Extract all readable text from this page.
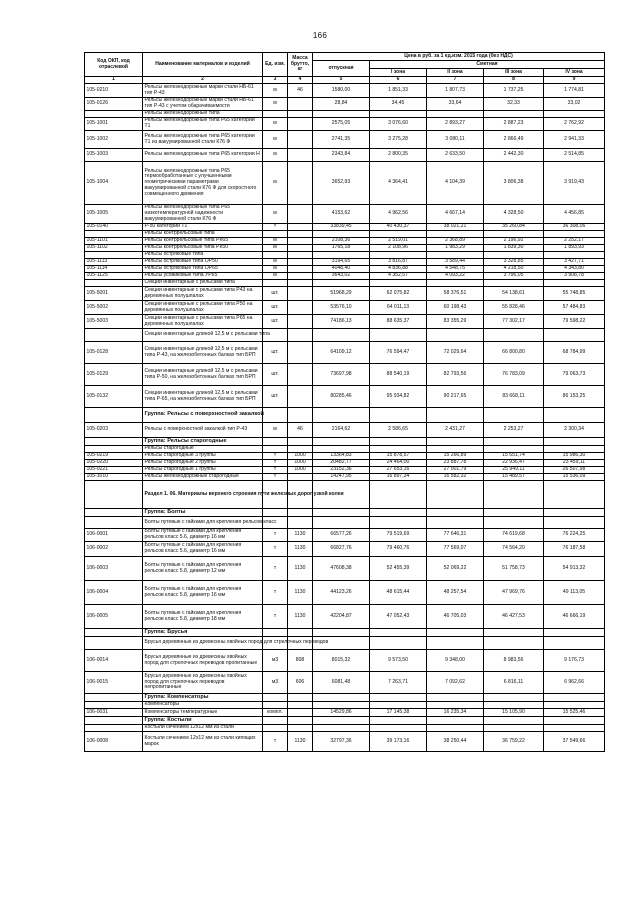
166
Код ОКП, код отраслевой	Наименование материалов и изделий	Ед. изм.	Масса брутто, кг	Цена в руб. за 1 ед.изм. 2015 года (без НДС)				
				отпускная	Сметная			
					I зона	II зона	III зона	IV зона
1	2	3	4	5	6	7	8	9
105-0210	Рельсы железнодорожные марки стали НБ-61 тип Р-43	м	46	1580,00	1 851,33	1 807,73	1 737,25	1 774,81
105-0126	Рельсы железнодорожные марки стали НБ-61 тип Р-43 с учетом обарачиваемости	м		28,84	34,45	33,64	32,33	33,02
	Рельсы железнодорожные типа							
105-1001	Рельсы железнодорожные типа Р65 категории Т1	м		2575,05	3 076,60	2 893,27	2 887,23	2 762,92
105-1002	Рельсы железнодорожные типа Р65 категории Т1 из вакуумированной стали К76 Ф	м		2741,35	3 275,28	3 080,11	2 866,49	2 941,33
105-1003	Рельсы железнодорожные типа Р65 категории Н	м		2343,84	2 800,35	2 633,50	2 442,30	2 514,85
105-1004	Рельсы железнодорожные типа Р65 термообработанные с улучшенными геометрическими параметрами вакуумированной стали К76 Ф для скоростного совмещенного движения	м		3652,93	4 364,41	4 104,39	3 806,38	3 919,43
105-1005	Рельсы железнодорожные типа Р65 низкотемпературной надежности вакуумированной стали К76 Ф	м		4153,62	4 962,56	4 667,14	4 328,50	4 456,85
105-0140	Р-50 категории Т1	т		33839,45	40 430,37	38 021,21	35 260,84	36 308,06
	Рельсы контррельсовые типа							
105-1101	Рельсы контррельсовые типа РК65	м		2108,36	2 519,01	2 368,89	2 196,92	2 252,17
105-1102	Рельсы контррельсовые типа РК50	м		1765,18	2 108,96	1 983,29	1 839,30	1 893,93
	Рельсы остряковые типа							
105-1113	Рельсы остряковые типа ОР50	м		3194,65	3 816,87	3 589,44	3 328,85	3 427,71
105-1114	Рельсы остряковые типа ОР65	м		4048,40	4 836,88	4 548,75	4 218,50	4 343,80
105-1125	Рельсы усовиковые типа УР65	м		3643,02	4 352,57	4 093,22	3 796,05	3 908,78
	Секции инвентарные с рельсами типа							
105-5001	Секции инвентарные с рельсами типа Р43 на деревянных полушпалах	шт.		51968,29	62 075,82	58 376,51	54 138,61	55 748,85
105-5002	Секции инвентарные с рельсами типа Р50 на деревянных полушпалах	шт.		53576,10	64 011,13	60 198,43	55 828,46	57 484,83
105-5003	Секции инвентарные с рельсами типа Р65 на деревянных полушпалах	шт.		74186,13	88 635,37	83 355,29	77 302,17	79 598,22
	Секции инвентарные длиной 12,5 м с рельсами типа							
105-0128	Секции инвентарные длиной 12,5 м с рельсами типа Р-43, на железобетонных балках тип БРП	шт.		64109,12	76 594,47	72 029,64	66 800,80	68 784,99
105-0129	Секции инвентарные длиной 12,5 м с рельсами типа Р-50, на железобетонных балках тип БРП	шт.		73697,98	88 540,19	82 793,56	76 783,09	79 063,73
105-0132	Секции инвентарные длиной 12,5 м с рельсами типа Р-65, на железобетонных балках тип БРП	шт.		80285,46	95 934,82	90 217,65	83 668,11	86 153,25
	Группа: Рельсы с поверхностной закалкой							
105-0203	Рельсы с поверхностной закалкой тип Р-43	м	46	2164,62	2 586,65	2 431,27	2 253,27	2 300,34
	Группа: Рельсы старогодные							
	Рельсы старогодные							
105-0219	Рельсы старогодные 3 группы	т	1000	13364,83	15 878,57	15 266,89	15 651,74	15 986,30
105-0220	Рельсы старогодные 2 группы	т	1000	20482,77	24 464,00	23 887,78	22 936,47	23 459,11
105-0221	Рельсы старогодные 1 группы	т	1000	23152,36	27 653,16	27 001,79	25 949,11	26 507,98
105-1010	Рельсы железнодорожные старогодные	т		14247,95	16 897,34	16 582,32	15 489,57	15 536,09
	Раздел 1. 06. Материалы верхнего строения пути железных дорог узкой колеи							
	Группа: Болты							
	Болты путевые с гайками для крепления рельсов класс							
106-0001	Болты путевые с гайками для крепления рельсов класс 5.6, диаметр 16 мм	т	1130	66577,26	79 519,69	77 646,31	74 619,68	76 224,25
106-0002	Болты путевые с гайками для крепления рельсов класс 5.6, диаметр 16 мм	т	1130	66827,76	79 460,76	77 569,07	74 564,20	76 187,58
106-0003	Болты путевые с гайками для крепления рельсов класс 5.8, диаметр 12 мм	т	1130	47608,38	52 455,39	52 069,22	51 758,73	54 913,32
106-0004	Болты путевые с гайками для крепления рельсов класс 5.8, диаметр 16 мм	т	1130	44123,26	48 615,44	48 257,54	47 969,76	49 113,05
106-0005	Болты путевые с гайками для крепления рельсов класс 5.8, диаметр 18 мм	т	1130	42204,87	47 052,43	46 705,03	46 427,53	46 666,19
	Группа: Брусья							
	Брусья деревянные из древесины хвойных пород для стрелочных переводов							
106-0014	Брусья деревянные из древесины хвойных пород для стрелочных переводов пропитанные	м3	808	8015,32	9 573,50	9 348,00	8 983,56	9 176,73
106-0015	Брусья деревянные из древесины хвойных пород для стрелочных переводов непропитанные	м3	606	6081,48	7 263,71	7 092,62	6 816,11	6 962,66
	Группа: Компенсаторы							
	Компенсаторы							
106-0031	Компенсаторы температурные	компл.		14529,86	17 145,38	16 235,34	15 105,90	15 525,46
	Группа: Костыли							
	Костыли сечением 12х12 мм из стали							
106-0008	Костыли сечением 12х12 мм из стали кипящих марок	т	1130	32797,36	39 173,16	38 250,44	36 759,22	37 549,66
